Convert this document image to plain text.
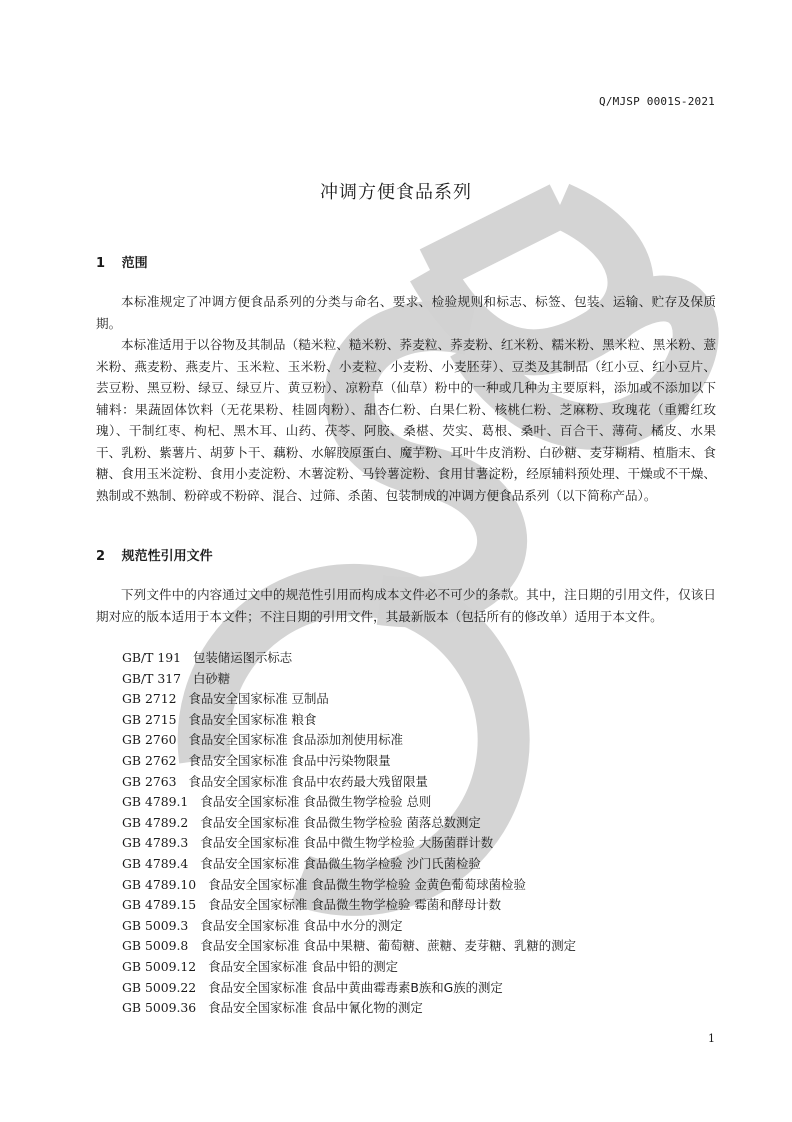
Q/MJSP 0001S-2021
冲调方便食品系列
1 范围
本标准规定了冲调方便食品系列的分类与命名、要求、检验规则和标志、标签、包装、运输、贮存及保质期。
本标准适用于以谷物及其制品（糙米粒、糙米粉、荞麦粒、荞麦粉、红米粉、糯米粉、黑米粒、黑米粉、薏米粉、燕麦粉、燕麦片、玉米粒、玉米粉、小麦粒、小麦粉、小麦胚芽）、豆类及其制品（红小豆、红小豆片、芸豆粉、黑豆粉、绿豆、绿豆片、黄豆粉）、凉粉草（仙草）粉中的一种或几种为主要原料，添加或不添加以下辅料：果蔬固体饮料（无花果粉、桂圆肉粉）、甜杏仁粉、白果仁粉、核桃仁粉、芝麻粉、玫瑰花（重瓣红玫瑰）、干制红枣、枸杞、黑木耳、山药、茯苓、阿胶、桑椹、芡实、葛根、桑叶、百合干、薄荷、橘皮、水果干、乳粉、紫薯片、胡萝卜干、藕粉、水解胶原蛋白、魔芋粉、耳叶牛皮消粉、白砂糖、麦芽糊精、植脂末、食糖、食用玉米淀粉、食用小麦淀粉、木薯淀粉、马铃薯淀粉、食用甘薯淀粉，经原辅料预处理、干燥或不干燥、熟制或不熟制、粉碎或不粉碎、混合、过筛、杀菌、包装制成的冲调方便食品系列（以下简称产品）。
2 规范性引用文件
下列文件中的内容通过文中的规范性引用而构成本文件必不可少的条款。其中，注日期的引用文件，仅该日期对应的版本适用于本文件；不注日期的引用文件，其最新版本（包括所有的修改单）适用于本文件。
GB/T 191 包装储运图示标志
GB/T 317 白砂糖
GB 2712 食品安全国家标准 豆制品
GB 2715 食品安全国家标准 粮食
GB 2760 食品安全国家标准 食品添加剂使用标准
GB 2762 食品安全国家标准 食品中污染物限量
GB 2763 食品安全国家标准 食品中农药最大残留限量
GB 4789.1 食品安全国家标准 食品微生物学检验 总则
GB 4789.2 食品安全国家标准 食品微生物学检验 菌落总数测定
GB 4789.3 食品安全国家标准 食品中微生物学检验 大肠菌群计数
GB 4789.4 食品安全国家标准 食品微生物学检验 沙门氏菌检验
GB 4789.10 食品安全国家标准 食品微生物学检验 金黄色葡萄球菌检验
GB 4789.15 食品安全国家标准 食品微生物学检验 霉菌和酵母计数
GB 5009.3 食品安全国家标准 食品中水分的测定
GB 5009.8 食品安全国家标准 食品中果糖、葡萄糖、蔗糖、麦芽糖、乳糖的测定
GB 5009.12 食品安全国家标准 食品中铅的测定
GB 5009.22 食品安全国家标准 食品中黄曲霉毒素B族和G族的测定
GB 5009.36 食品安全国家标准 食品中氰化物的测定
1
